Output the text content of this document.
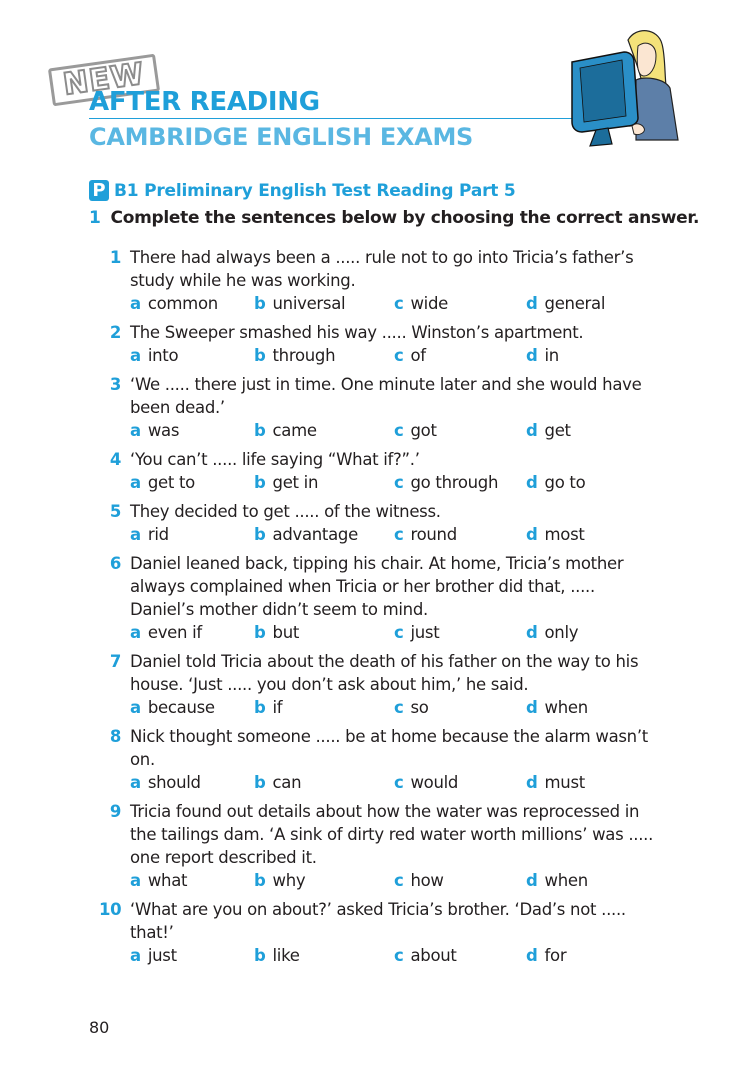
NEW
AFTER READING
CAMBRIDGE ENGLISH EXAMS
P B1 Preliminary English Test Reading Part 5
1 Complete the sentences below by choosing the correct answer.
1 There had always been a ..... rule not to go into Tricia’s father’s study while he was working.
a common b universal	c wide	d general
2 The Sweeper smashed his way ..... Winston’s apartment.
a into	b through	c of	d in
3 ‘We ..... there just in time. One minute later and she would have been dead.’
a was	b came	c got	d get
4 ‘You can’t ..... life saying “What if?”.’
a get to	b get in	c go through d go to
5 They decided to get ..... of the witness.
a rid	b advantage c round	d most
6 Daniel leaned back, tipping his chair. At home, Tricia’s mother always complained when Tricia or her brother did that, ..... Daniel’s mother didn’t seem to mind.
a even if	b but	c just	d only
7 Daniel told Tricia about the death of his father on the way to his house. ‘Just ..... you don’t ask about him,’ he said.
a because b if	c so	d when
8 Nick thought someone ..... be at home because the alarm wasn’t on.
a should	b can	c would	d must
9 Tricia found out details about how the water was reprocessed in the tailings dam. ‘A sink of dirty red water worth millions’ was ..... one report described it.
a what	b why	c how	d when
10 ‘What are you on about?’ asked Tricia’s brother. ‘Dad’s not ..... that!’
a just	b like	c about	d for
80
